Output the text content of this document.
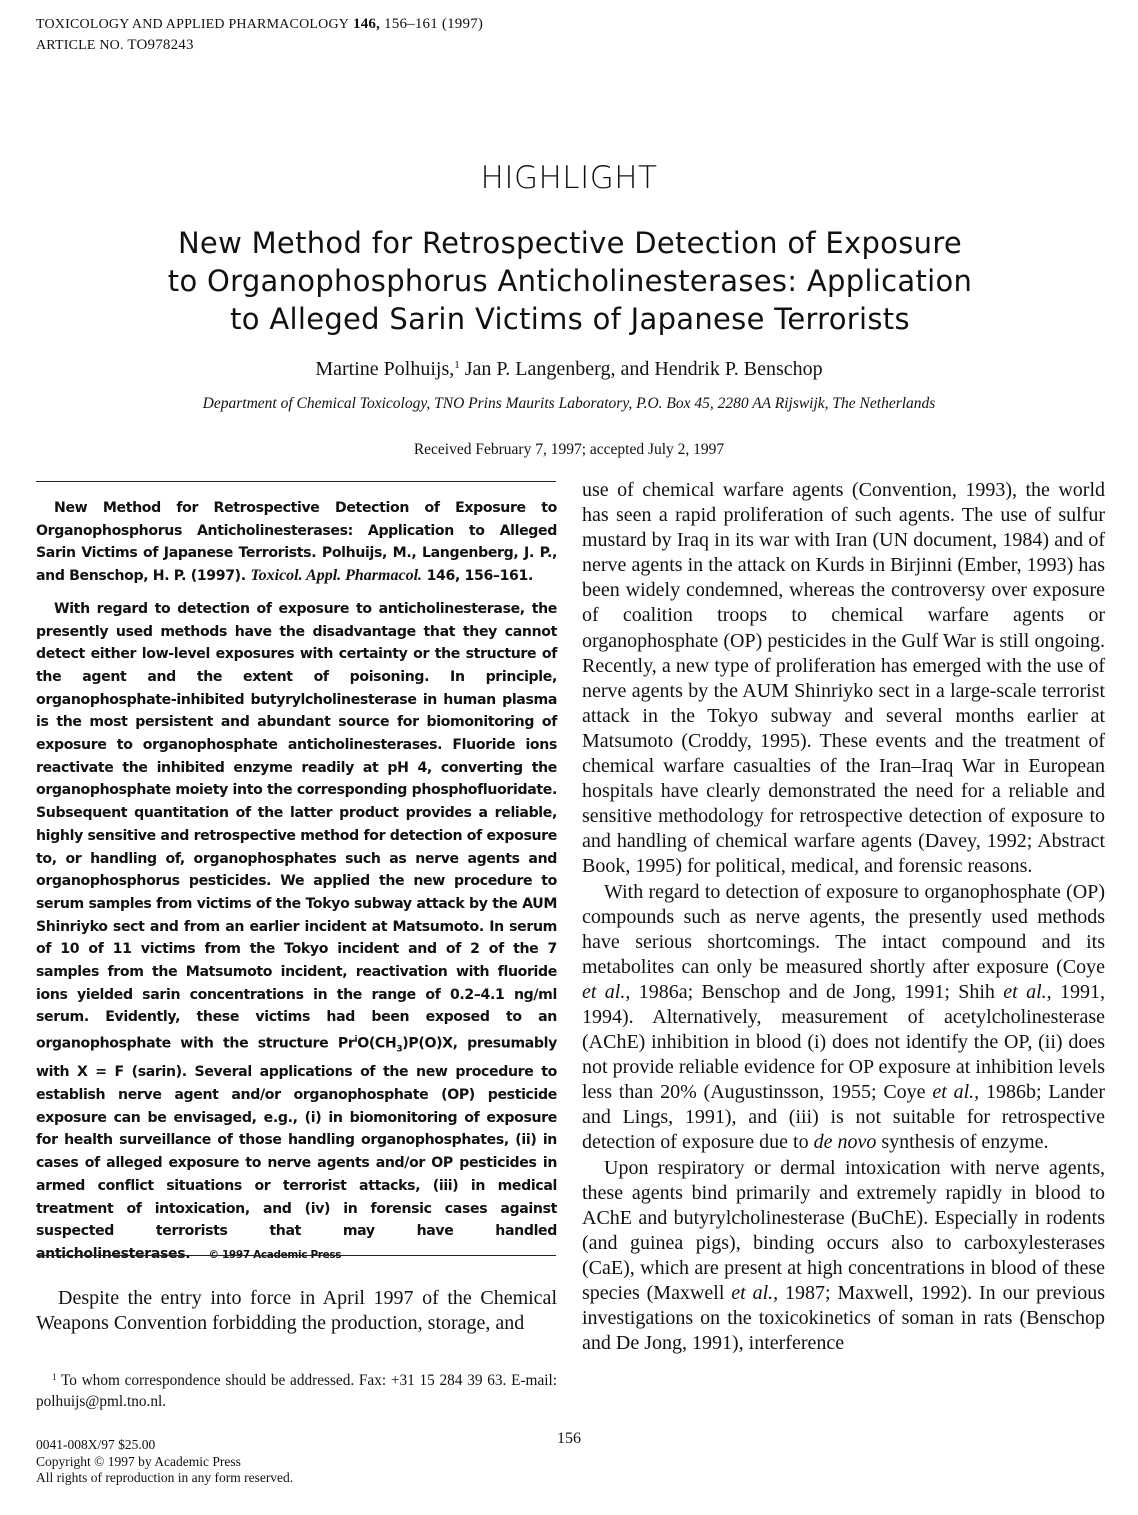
TOXICOLOGY AND APPLIED PHARMACOLOGY 146, 156–161 (1997)
ARTICLE NO. TO978243
HIGHLIGHT
New Method for Retrospective Detection of Exposure
to Organophosphorus Anticholinesterases: Application
to Alleged Sarin Victims of Japanese Terrorists
Martine Polhuijs,$^1$ Jan P. Langenberg, and Hendrik P. Benschop
Department of Chemical Toxicology, TNO Prins Maurits Laboratory, P.O. Box 45, 2280 AA Rijswijk, The Netherlands
Received February 7, 1997; accepted July 2, 1997

New Method for Retrospective Detection of Exposure to Organophosphorus Anticholinesterases: Application to Alleged Sarin Victims of Japanese Terrorists. Polhuijs, M., Langenberg, J. P., and Benschop, H. P. (1997). Toxicol. Appl. Pharmacol. 146, 156–161.

With regard to detection of exposure to anticholinesterase, the presently used methods have the disadvantage that they cannot detect either low-level exposures with certainty or the structure of the agent and the extent of poisoning. In principle, organophosphate-inhibited butyrylcholinesterase in human plasma is the most persistent and abundant source for biomonitoring of exposure to organophosphate anticholinesterases. Fluoride ions reactivate the inhibited enzyme readily at pH 4, converting the organophosphate moiety into the corresponding phosphofluoridate. Subsequent quantitation of the latter product provides a reliable, highly sensitive and retrospective method for detection of exposure to, or handling of, organophosphates such as nerve agents and organophosphorus pesticides. We applied the new procedure to serum samples from victims of the Tokyo subway attack by the AUM Shinriyko sect and from an earlier incident at Matsumoto. In serum of 10 of 11 victims from the Tokyo incident and of 2 of the 7 samples from the Matsumoto incident, reactivation with fluoride ions yielded sarin concentrations in the range of 0.2–4.1 ng/ml serum. Evidently, these victims had been exposed to an organophosphate with the structure $Pr^iO(CH_3)P(O)X$, presumably with X = F (sarin). Several applications of the new procedure to establish nerve agent and/or organophosphate (OP) pesticide exposure can be envisaged, e.g., (i) in biomonitoring of exposure for health surveillance of those handling organophosphates, (ii) in cases of alleged exposure to nerve agents and/or OP pesticides in armed conflict situations or terrorist attacks, (iii) in medical treatment of intoxication, and (iv) in forensic cases against suspected terrorists that may have handled anticholinesterases. © 1997 Academic Press

Despite the entry into force in April 1997 of the Chemical Weapons Convention forbidding the production, storage, and

$^1$ To whom correspondence should be addressed. Fax: +31 15 284 39 63. E-mail: polhuijs@pml.tno.nl.

use of chemical warfare agents (Convention, 1993), the world has seen a rapid proliferation of such agents. The use of sulfur mustard by Iraq in its war with Iran (UN document, 1984) and of nerve agents in the attack on Kurds in Birjinni (Ember, 1993) has been widely condemned, whereas the controversy over exposure of coalition troops to chemical warfare agents or organophosphate (OP) pesticides in the Gulf War is still ongoing. Recently, a new type of proliferation has emerged with the use of nerve agents by the AUM Shinriyko sect in a large-scale terrorist attack in the Tokyo subway and several months earlier at Matsumoto (Croddy, 1995). These events and the treatment of chemical warfare casualties of the Iran–Iraq War in European hospitals have clearly demonstrated the need for a reliable and sensitive methodology for retrospective detection of exposure to and handling of chemical warfare agents (Davey, 1992; Abstract Book, 1995) for political, medical, and forensic reasons.

With regard to detection of exposure to organophosphate (OP) compounds such as nerve agents, the presently used methods have serious shortcomings. The intact compound and its metabolites can only be measured shortly after exposure (Coye et al., 1986a; Benschop and de Jong, 1991; Shih et al., 1991, 1994). Alternatively, measurement of acetylcholinesterase (AChE) inhibition in blood (i) does not identify the OP, (ii) does not provide reliable evidence for OP exposure at inhibition levels less than 20% (Augustinsson, 1955; Coye et al., 1986b; Lander and Lings, 1991), and (iii) is not suitable for retrospective detection of exposure due to de novo synthesis of enzyme.

Upon respiratory or dermal intoxication with nerve agents, these agents bind primarily and extremely rapidly in blood to AChE and butyrylcholinesterase (BuChE). Especially in rodents (and guinea pigs), binding occurs also to carboxylesterases (CaE), which are present at high concentrations in blood of these species (Maxwell et al., 1987; Maxwell, 1992). In our previous investigations on the toxicokinetics of soman in rats (Benschop and De Jong, 1991), interference

156
0041-008X/97 $25.00
Copyright © 1997 by Academic Press
All rights of reproduction in any form reserved.
